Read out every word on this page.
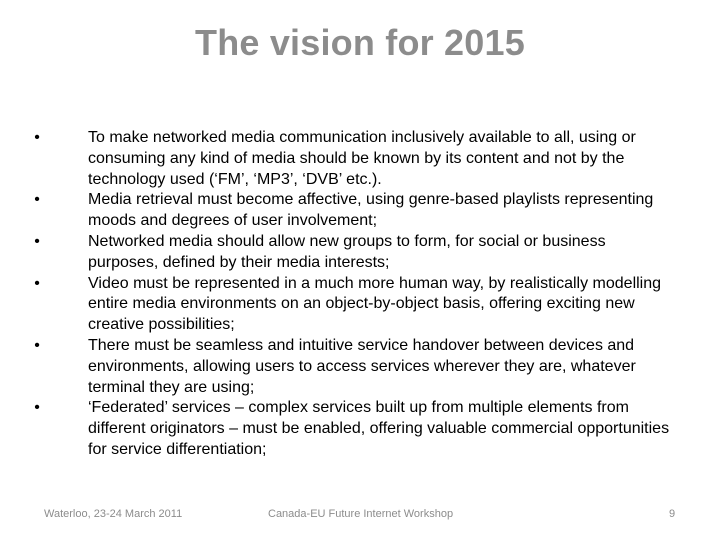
The vision for 2015
•	To make networked media communication inclusively available to all, using or consuming any kind of media should be known by its content and not by the technology used (‘FM’, ‘MP3’, ‘DVB’ etc.).
•	Media retrieval must become affective, using genre-based playlists representing moods and degrees of user involvement;
•	Networked media should allow new groups to form, for social or business purposes, defined by their media interests;
•	Video must be represented in a much more human way, by realistically modelling entire media environments on an object-by-object basis, offering exciting new creative possibilities;
•	There must be seamless and intuitive service handover between devices and environments, allowing users to access services wherever they are, whatever terminal they are using;
•	‘Federated’ services – complex services built up from multiple elements from different originators – must be enabled, offering valuable commercial opportunities for service differentiation;
Waterloo, 23-24 March 2011	Canada-EU Future Internet Workshop	9
